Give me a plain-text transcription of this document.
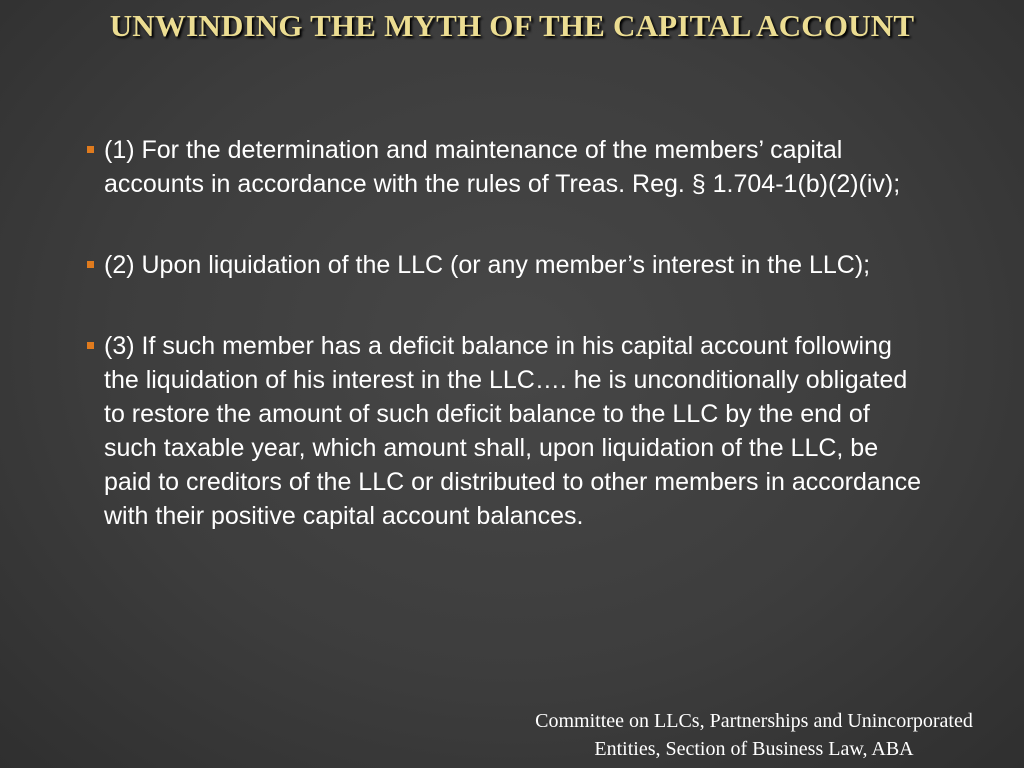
UNWINDING THE MYTH OF THE CAPITAL ACCOUNT
(1) For the determination and maintenance of the members’ capital accounts in accordance with the rules of Treas. Reg. § 1.704-1(b)(2)(iv);
(2) Upon liquidation of the LLC (or any member’s interest in the LLC);
(3) If such member has a deficit balance in his capital account following the liquidation of his interest in the LLC…. he is unconditionally obligated to restore the amount of such deficit balance to the LLC by the end of such taxable year, which amount shall, upon liquidation of the LLC, be paid to creditors of the LLC or distributed to other members in accordance with their positive capital account balances.
Committee on LLCs, Partnerships and Unincorporated
Entities, Section of Business Law, ABA
